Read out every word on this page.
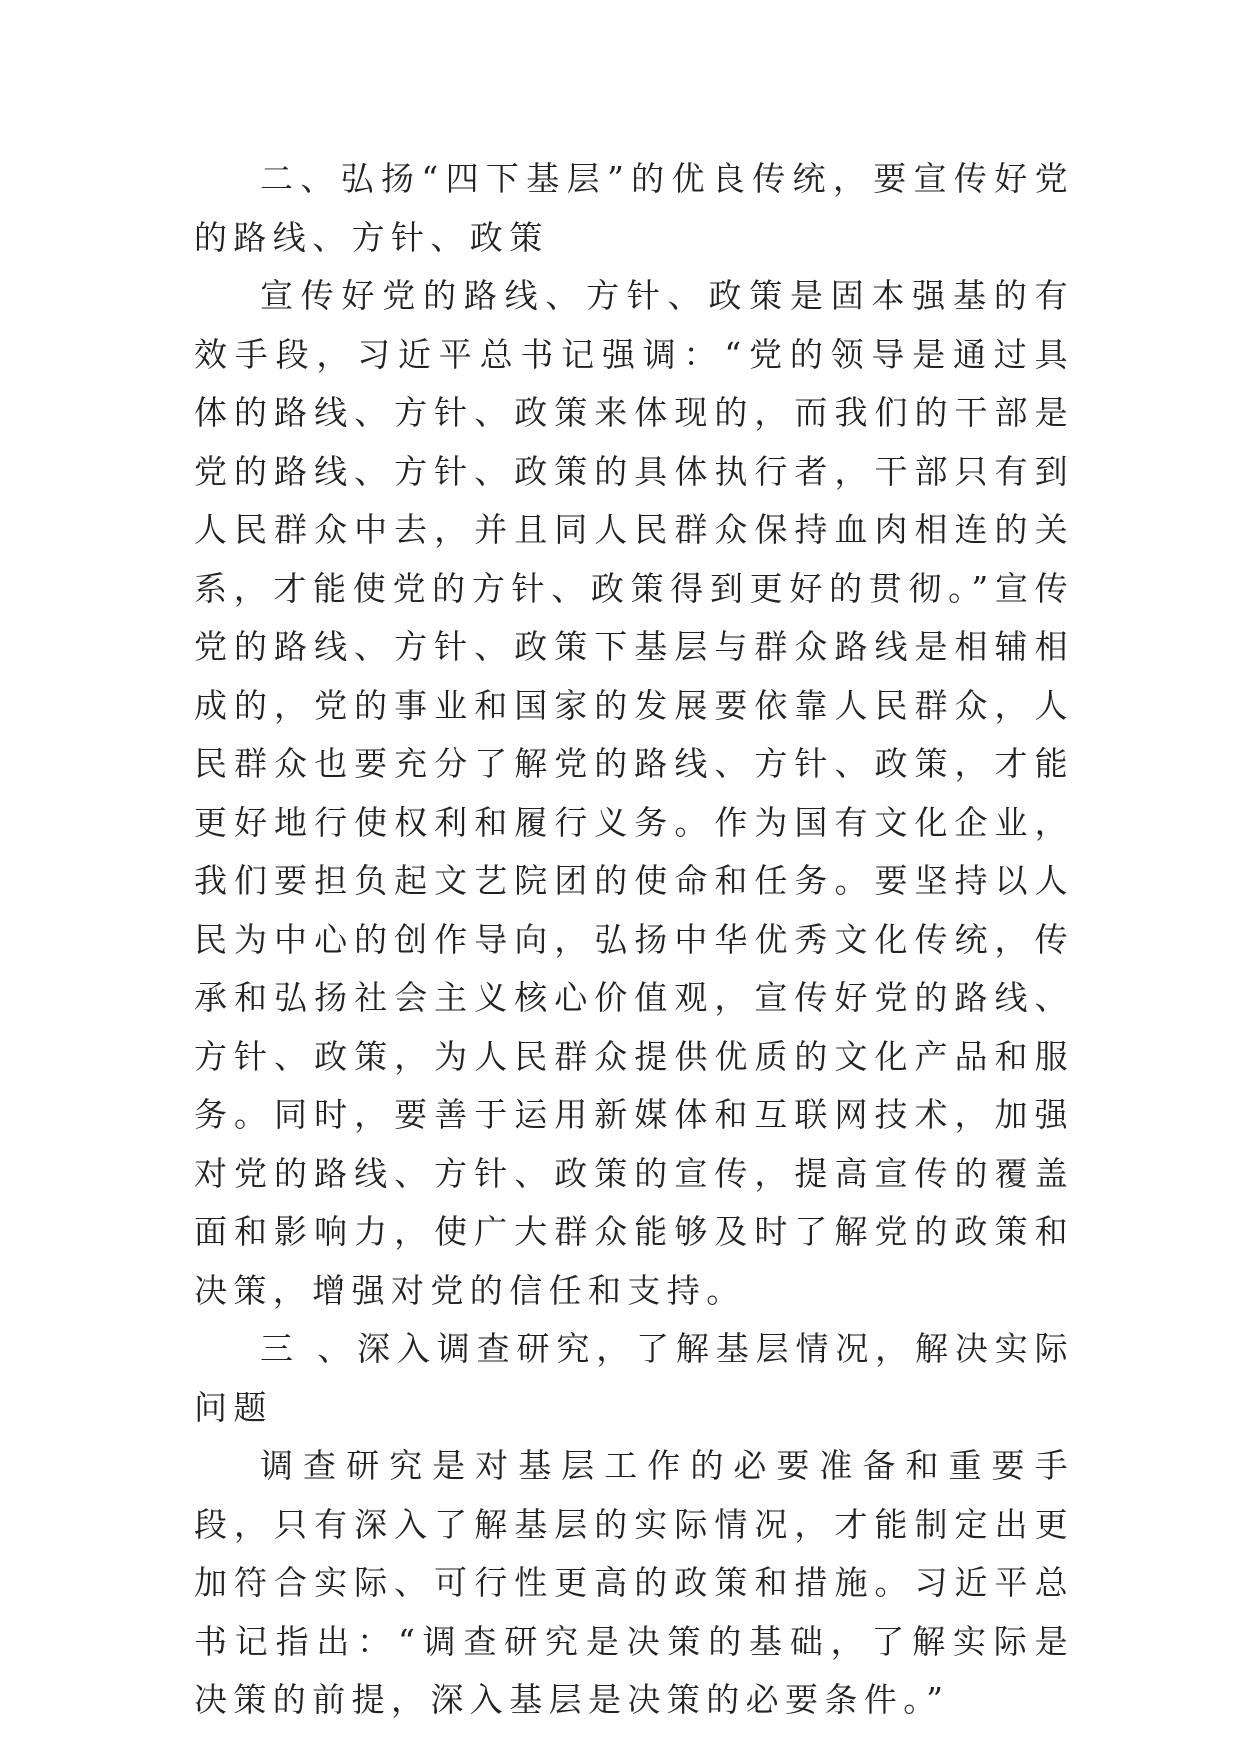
二、弘扬“四下基层”的优良传统，要宣传好党的路线、方针、政策

宣传好党的路线、方针、政策是固本强基的有效手段，习近平总书记强调：“党的领导是通过具体的路线、方针、政策来体现的，而我们的干部是党的路线、方针、政策的具体执行者，干部只有到人民群众中去，并且同人民群众保持血肉相连的关系，才能使党的方针、政策得到更好的贯彻。”宣传党的路线、方针、政策下基层与群众路线是相辅相成的，党的事业和国家的发展要依靠人民群众，人民群众也要充分了解党的路线、方针、政策，才能更好地行使权利和履行义务。作为国有文化企业，我们要担负起文艺院团的使命和任务。要坚持以人民为中心的创作导向，弘扬中华优秀文化传统，传承和弘扬社会主义核心价值观，宣传好党的路线、方针、政策，为人民群众提供优质的文化产品和服务。同时，要善于运用新媒体和互联网技术，加强对党的路线、方针、政策的宣传，提高宣传的覆盖面和影响力，使广大群众能够及时了解党的政策和决策，增强对党的信任和支持。

三 、深入调查研究，了解基层情况，解决实际问题

调查研究是对基层工作的必要准备和重要手段，只有深入了解基层的实际情况，才能制定出更加符合实际、可行性更高的政策和措施。习近平总书记指出：“调查研究是决策的基础，了解实际是决策的前提，深入基层是决策的必要条件。”
